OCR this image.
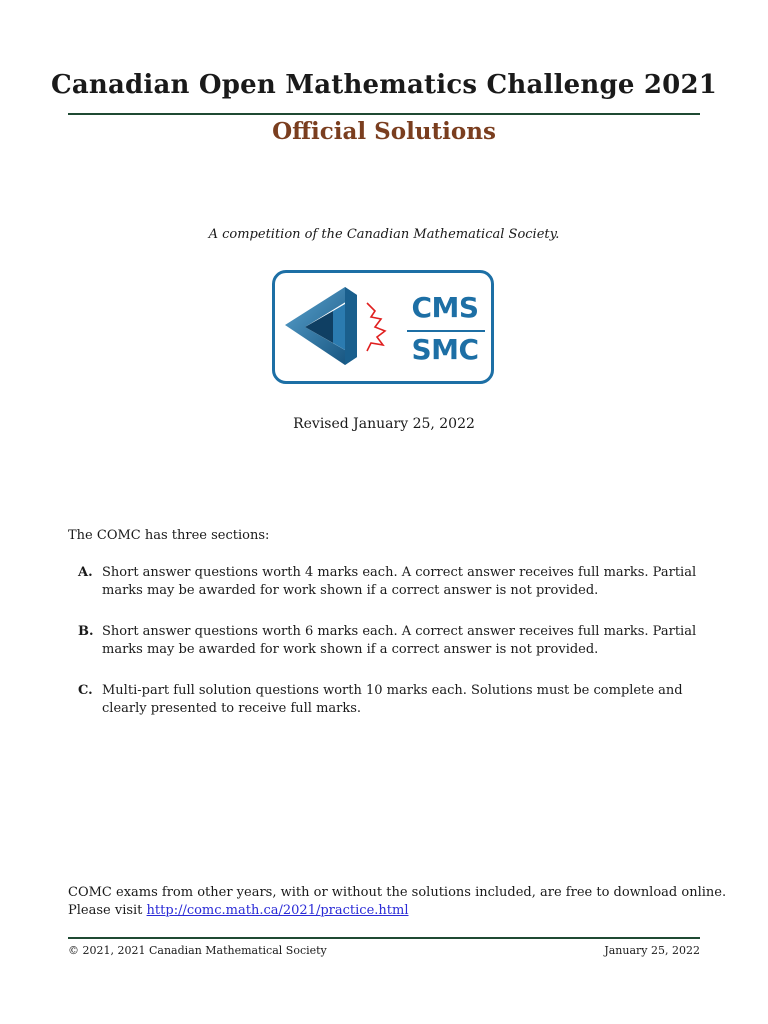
Canadian Open Mathematics Challenge 2021
Official Solutions
A competition of the Canadian Mathematical Society.
CMS
SMC
Revised January 25, 2022
The COMC has three sections:
A. Short answer questions worth 4 marks each. A correct answer receives full marks. Partial marks may be awarded for work shown if a correct answer is not provided.
B. Short answer questions worth 6 marks each. A correct answer receives full marks. Partial marks may be awarded for work shown if a correct answer is not provided.
C. Multi-part full solution questions worth 10 marks each. Solutions must be complete and clearly presented to receive full marks.
COMC exams from other years, with or without the solutions included, are free to download online.
Please visit http://comc.math.ca/2021/practice.html
© 2021, 2021 Canadian Mathematical Society	January 25, 2022
